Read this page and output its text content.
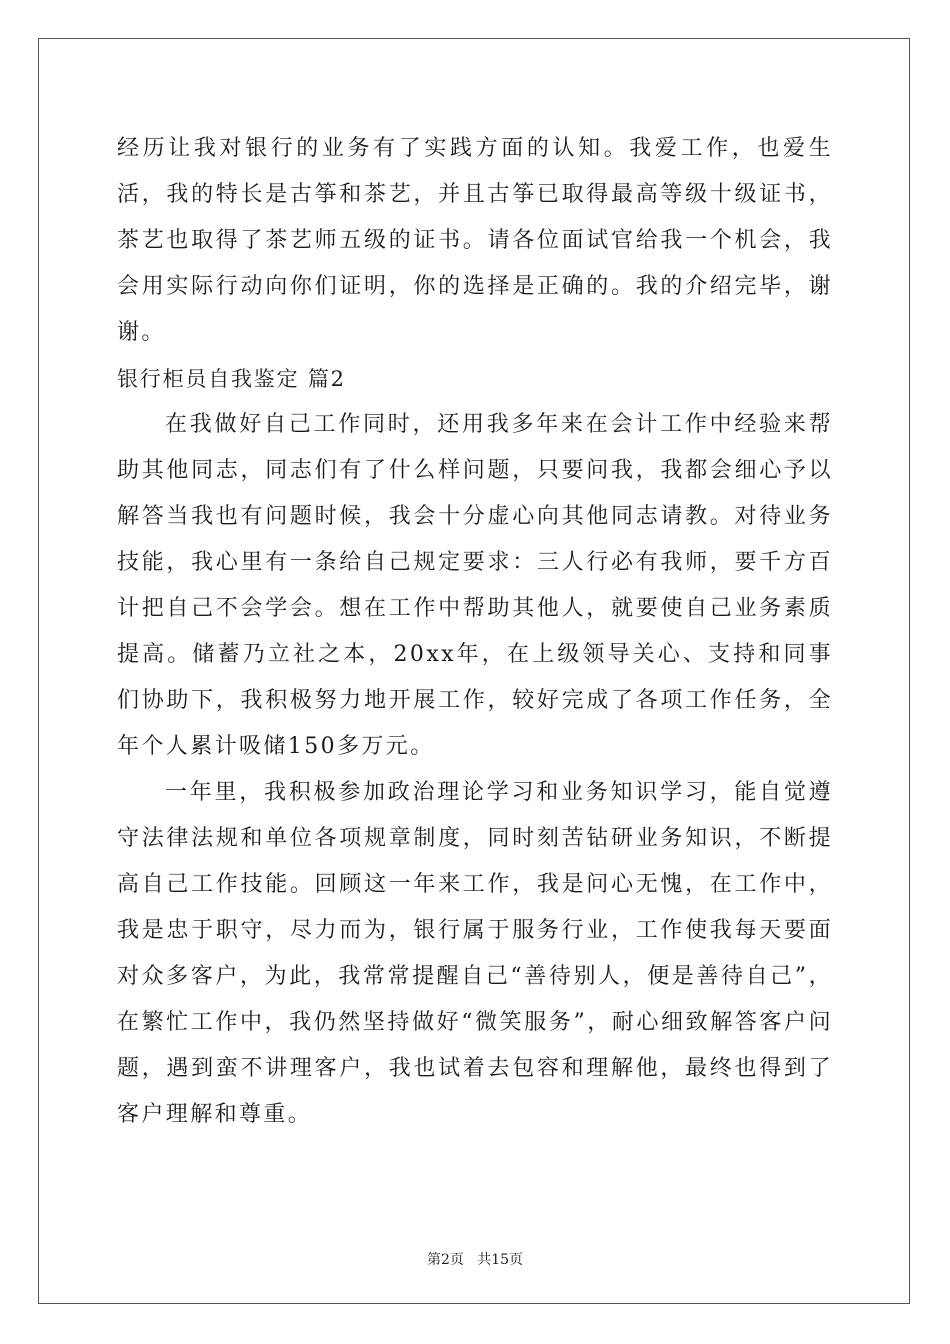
经历让我对银行的业务有了实践方面的认知。我爱工作，也爱生活，我的特长是古筝和茶艺，并且古筝已取得最高等级十级证书，茶艺也取得了茶艺师五级的证书。请各位面试官给我一个机会，我会用实际行动向你们证明，你的选择是正确的。我的介绍完毕，谢谢。

银行柜员自我鉴定 篇2

在我做好自己工作同时，还用我多年来在会计工作中经验来帮助其他同志，同志们有了什么样问题，只要问我，我都会细心予以解答当我也有问题时候，我会十分虚心向其他同志请教。对待业务技能，我心里有一条给自己规定要求：三人行必有我师，要千方百计把自己不会学会。想在工作中帮助其他人，就要使自己业务素质提高。储蓄乃立社之本，20xx年，在上级领导关心、支持和同事们协助下，我积极努力地开展工作，较好完成了各项工作任务，全年个人累计吸储150多万元。

一年里，我积极参加政治理论学习和业务知识学习，能自觉遵守法律法规和单位各项规章制度，同时刻苦钻研业务知识，不断提高自己工作技能。回顾这一年来工作，我是问心无愧，在工作中，我是忠于职守，尽力而为，银行属于服务行业，工作使我每天要面对众多客户，为此，我常常提醒自己“善待别人，便是善待自己”，在繁忙工作中，我仍然坚持做好“微笑服务”，耐心细致解答客户问题，遇到蛮不讲理客户，我也试着去包容和理解他，最终也得到了客户理解和尊重。

第2页   共15页
